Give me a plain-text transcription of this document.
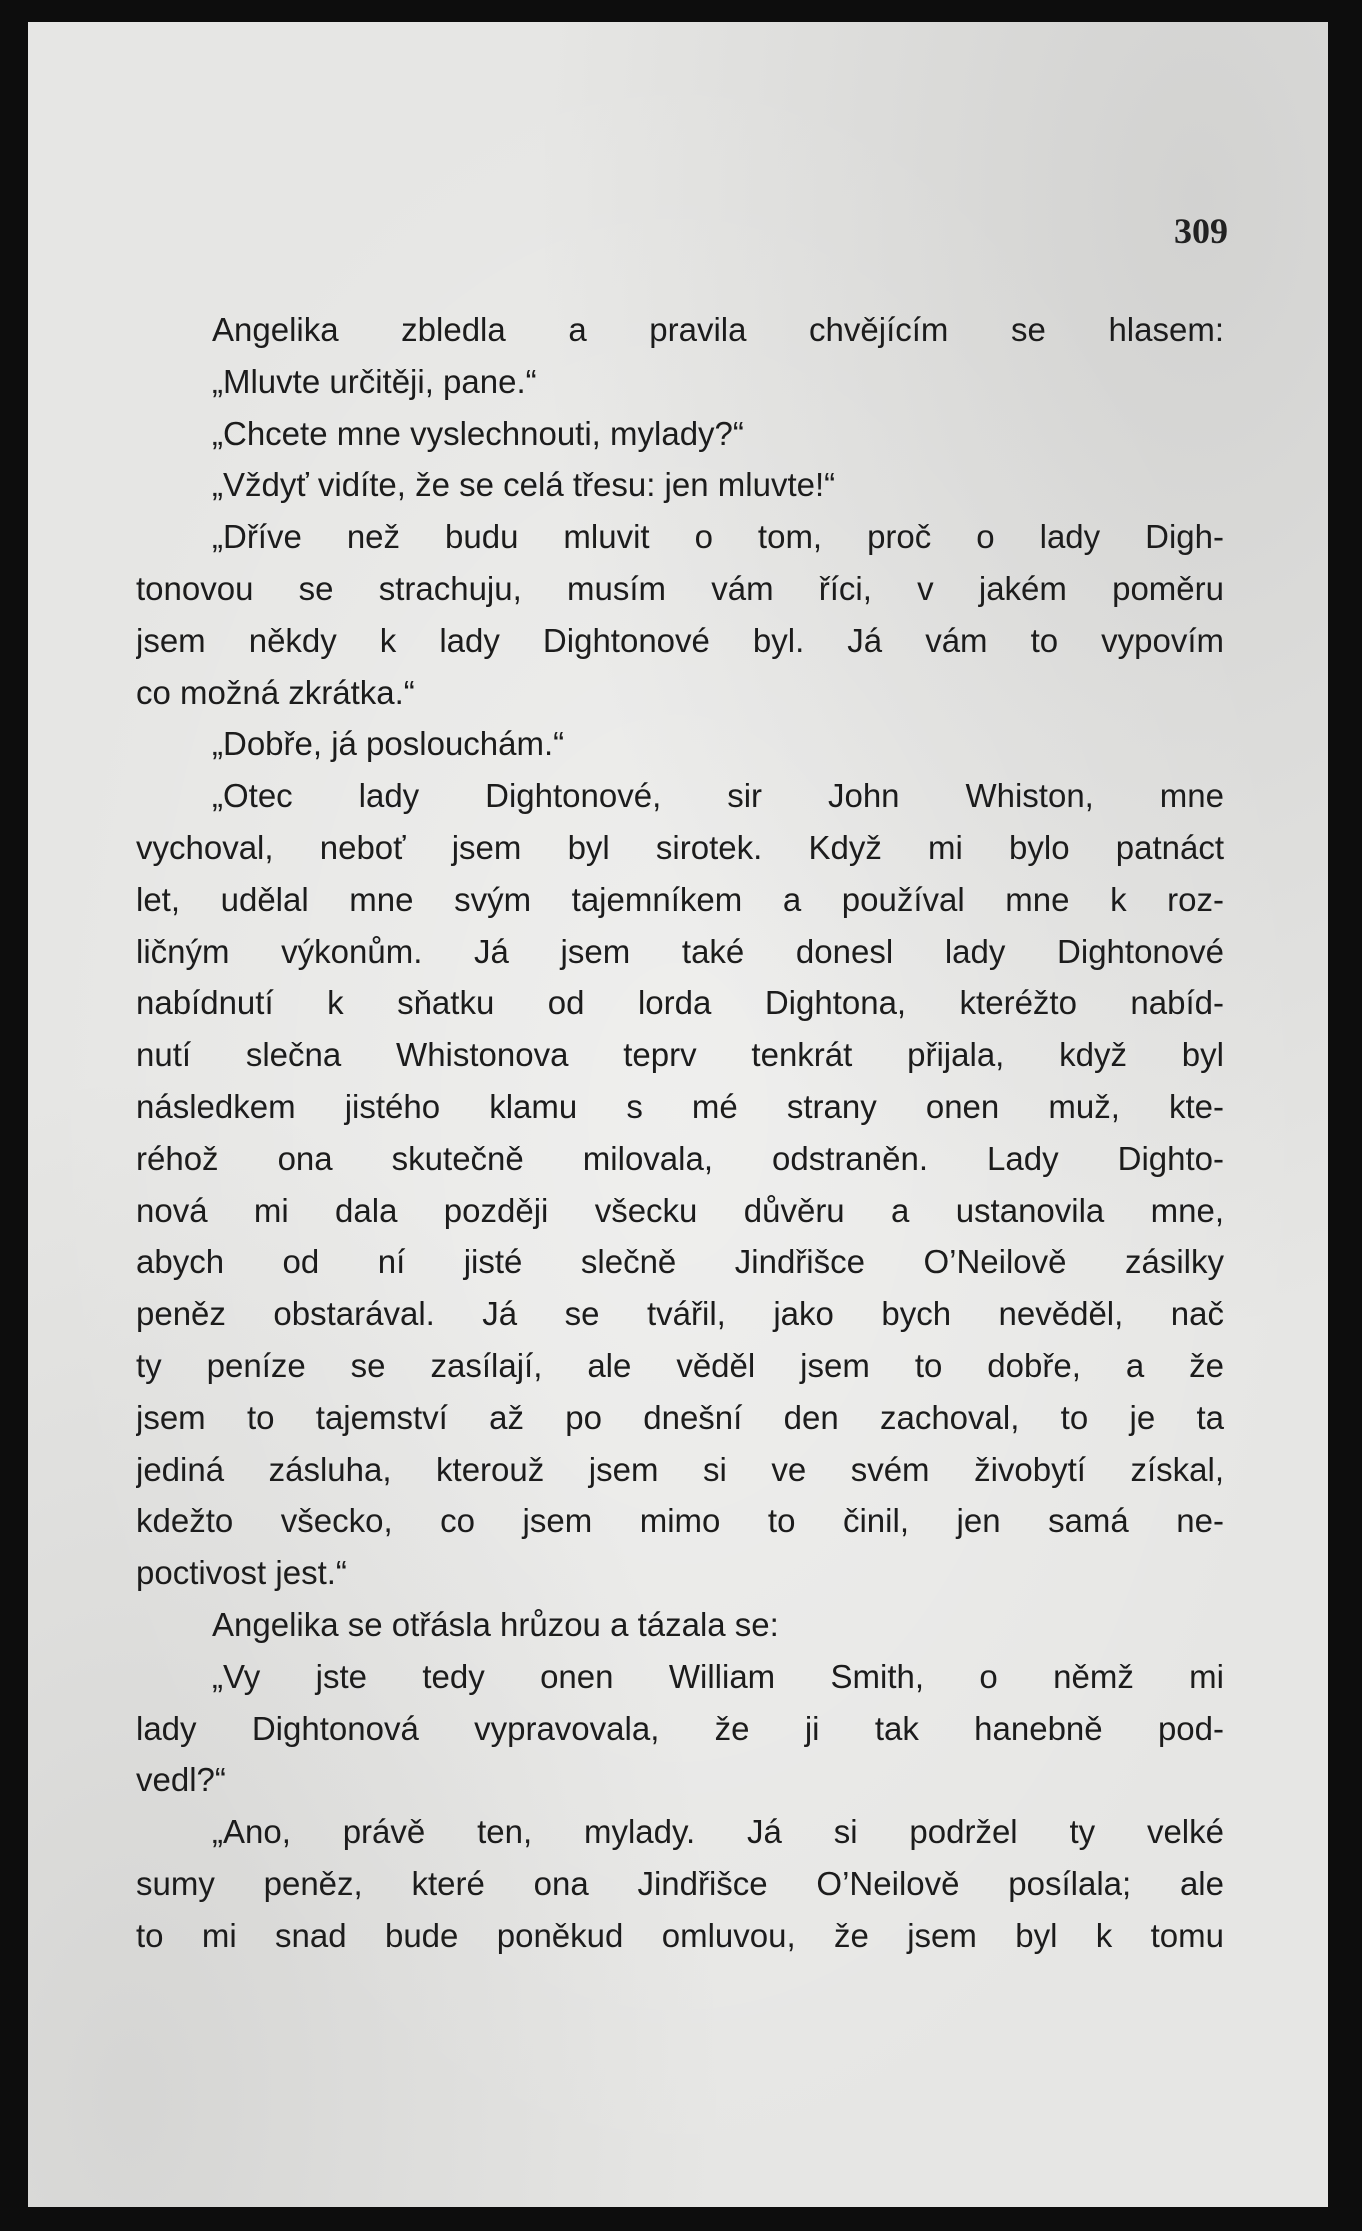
309
Angelika zbledla a pravila chvějícím se hlasem:
„Mluvte určitěji, pane.“
„Chcete mne vyslechnouti, mylady?“
„Vždyť vidíte, že se celá třesu: jen mluvte!“
„Dříve než budu mluvit o tom, proč o lady Digh-
tonovou se strachuju, musím vám říci, v jakém poměru
jsem někdy k lady Dightonové byl. Já vám to vypovím
co možná zkrátka.“
„Dobře, já poslouchám.“
„Otec lady Dightonové, sir John Whiston, mne
vychoval, neboť jsem byl sirotek. Když mi bylo patnáct
let, udělal mne svým tajemníkem a používal mne k roz-
ličným výkonům. Já jsem také donesl lady Dightonové
nabídnutí k sňatku od lorda Dightona, kteréžto nabíd-
nutí slečna Whistonova teprv tenkrát přijala, když byl
následkem jistého klamu s mé strany onen muž, kte-
réhož ona skutečně milovala, odstraněn. Lady Dighto-
nová mi dala později všecku důvěru a ustanovila mne,
abych od ní jisté slečně Jindřišce O’Neilově zásilky
peněz obstarával. Já se tvářil, jako bych nevěděl, nač
ty peníze se zasílají, ale věděl jsem to dobře, a že
jsem to tajemství až po dnešní den zachoval, to je ta
jediná zásluha, kterouž jsem si ve svém živobytí získal,
kdežto všecko, co jsem mimo to činil, jen samá ne-
poctivost jest.“
Angelika se otřásla hrůzou a tázala se:
„Vy jste tedy onen William Smith, o němž mi
lady Dightonová vypravovala, že ji tak hanebně pod-
vedl?“
„Ano, právě ten, mylady. Já si podržel ty velké
sumy peněz, které ona Jindřišce O’Neilově posílala; ale
to mi snad bude poněkud omluvou, že jsem byl k tomu
